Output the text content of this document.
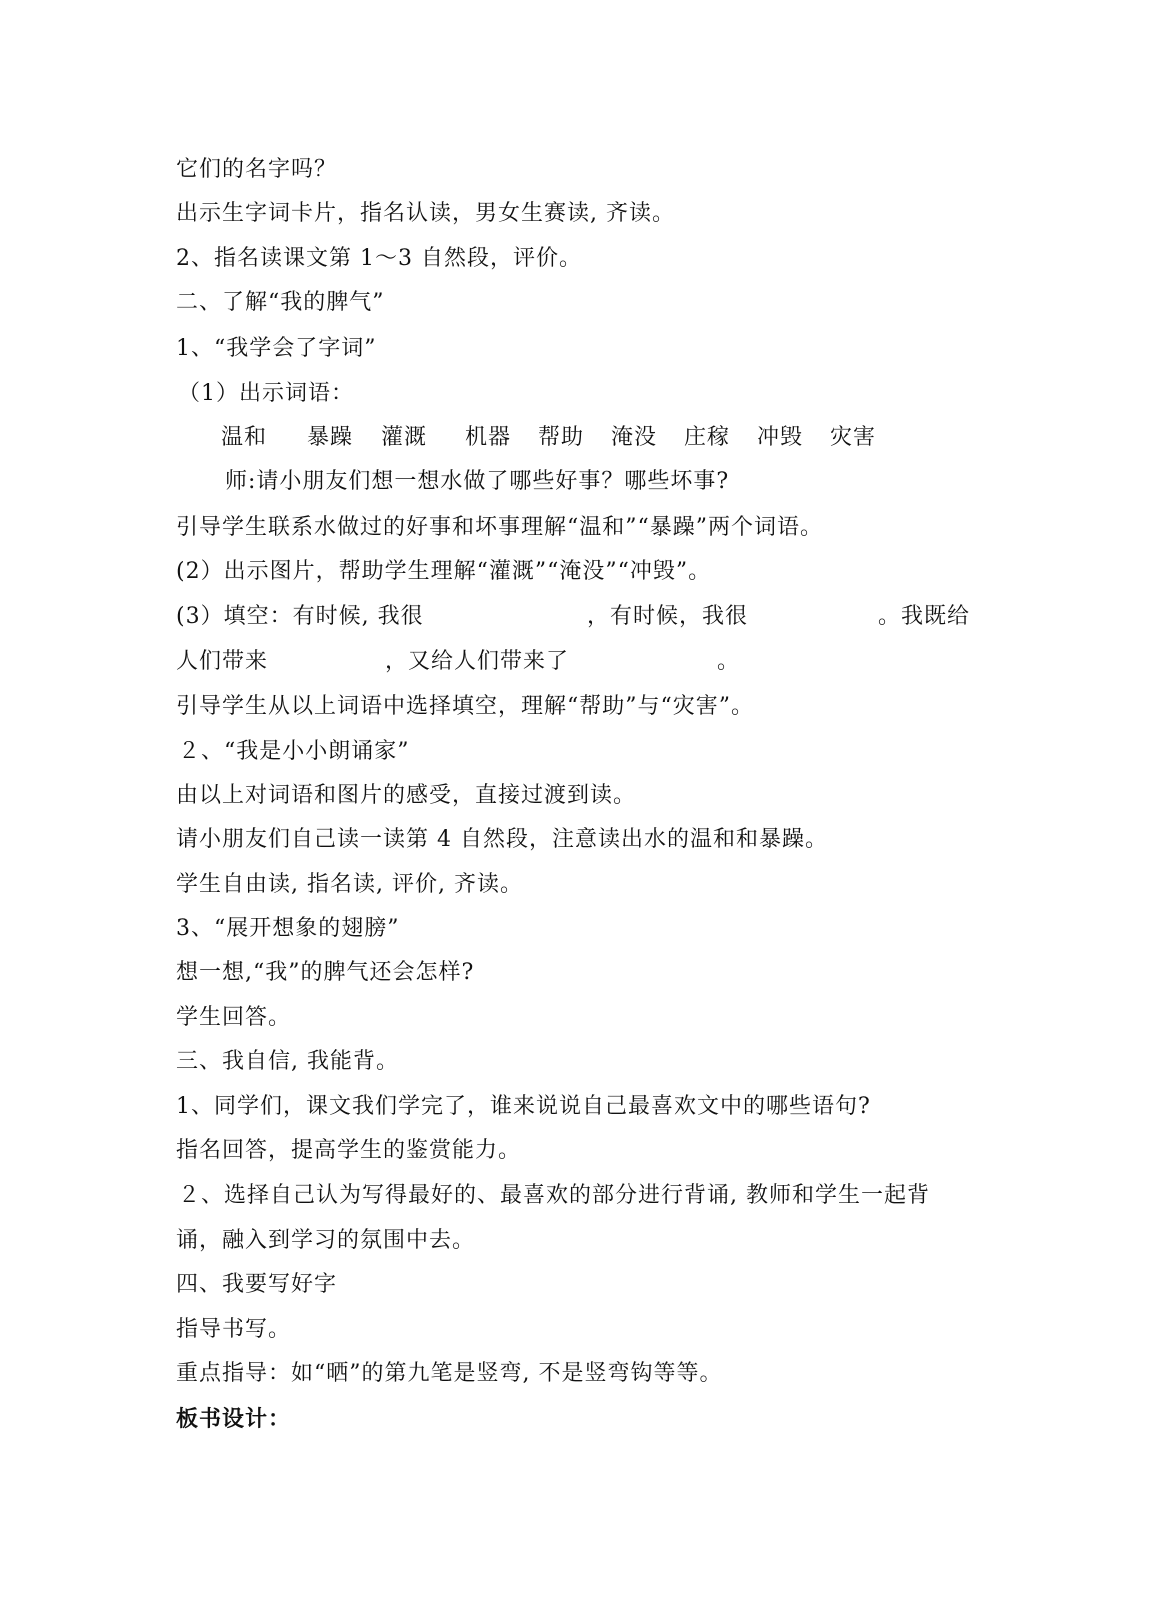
它们的名字吗？
出示生字词卡片，指名认读，男女生赛读, 齐读。
2、指名读课文第 1～3 自然段，评价。
二、了解“我的脾气”
1、“我学会了字词”
（1）出示词语：
温和 暴躁 灌溉 机器 帮助 淹没 庄稼 冲毁 灾害
师:请小朋友们想一想水做了哪些好事？哪些坏事?
引导学生联系水做过的好事和坏事理解“温和”“暴躁”两个词语。
(2）出示图片，帮助学生理解“灌溉”“淹没”“冲毁”。
(3）填空：有时候, 我很	，有时候，我很	。我既给
人们带来	，又给人们带来了	。
引导学生从以上词语中选择填空，理解“帮助”与“灾害”。
２、“我是小小朗诵家”
由以上对词语和图片的感受，直接过渡到读。
请小朋友们自己读一读第 4 自然段，注意读出水的温和和暴躁。
学生自由读, 指名读, 评价, 齐读。
3、“展开想象的翅膀”
想一想,“我”的脾气还会怎样?
学生回答。
三、我自信, 我能背。
1、同学们，课文我们学完了，谁来说说自己最喜欢文中的哪些语句?
指名回答，提高学生的鉴赏能力。
２、选择自己认为写得最好的、最喜欢的部分进行背诵, 教师和学生一起背
诵，融入到学习的氛围中去。
四、我要写好字
指导书写。
重点指导：如“晒”的第九笔是竖弯, 不是竖弯钩等等。
板书设计：
